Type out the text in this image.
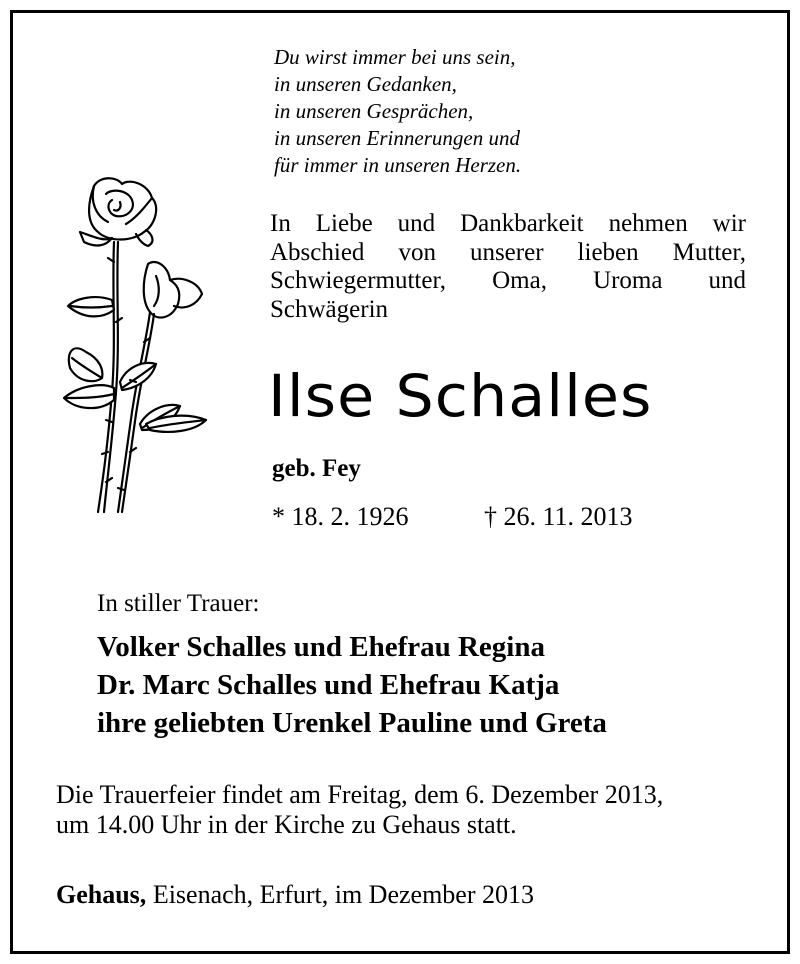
Du wirst immer bei uns sein,
in unseren Gedanken,
in unseren Gesprächen,
in unseren Erinnerungen und
für immer in unseren Herzen.
In Liebe und Dankbarkeit nehmen wir
Abschied von unserer lieben Mutter,
Schwiegermutter, Oma, Uroma und
Schwägerin
Ilse Schalles
geb. Fey
* 18. 2. 1926	† 26. 11. 2013
In stiller Trauer:
Volker Schalles und Ehefrau Regina
Dr. Marc Schalles und Ehefrau Katja
ihre geliebten Urenkel Pauline und Greta
Die Trauerfeier findet am Freitag, dem 6. Dezember 2013,
um 14.00 Uhr in der Kirche zu Gehaus statt.
Gehaus, Eisenach, Erfurt, im Dezember 2013
